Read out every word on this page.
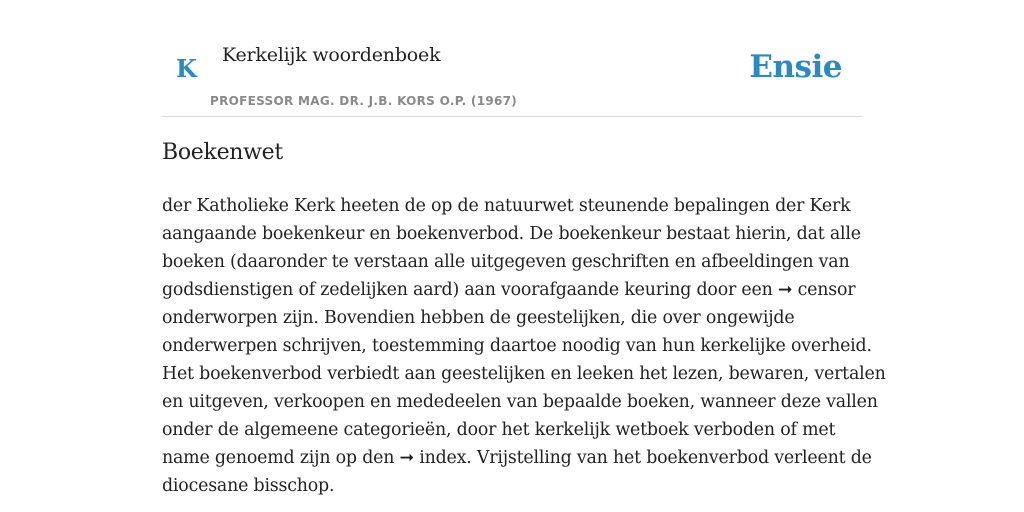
K Kerkelijk woordenboek
PROFESSOR MAG. DR. J.B. KORS O.P. (1967)
Ensie
Boekenwet
der Katholieke Kerk heeten de op de natuurwet steunende bepalingen der Kerk
aangaande boekenkeur en boekenverbod. De boekenkeur bestaat hierin, dat alle
boeken (daaronder te verstaan alle uitgegeven geschriften en afbeeldingen van
godsdienstigen of zedelijken aard) aan voorafgaande keuring door een ➞ censor
onderworpen zijn. Bovendien hebben de geestelijken, die over ongewijde
onderwerpen schrijven, toestemming daartoe noodig van hun kerkelijke overheid.
Het boekenverbod verbiedt aan geestelijken en leeken het lezen, bewaren, vertalen
en uitgeven, verkoopen en mededeelen van bepaalde boeken, wanneer deze vallen
onder de algemeene categorieën, door het kerkelijk wetboek verboden of met
name genoemd zijn op den ➞ index. Vrijstelling van het boekenverbod verleent de
diocesane bisschop.
